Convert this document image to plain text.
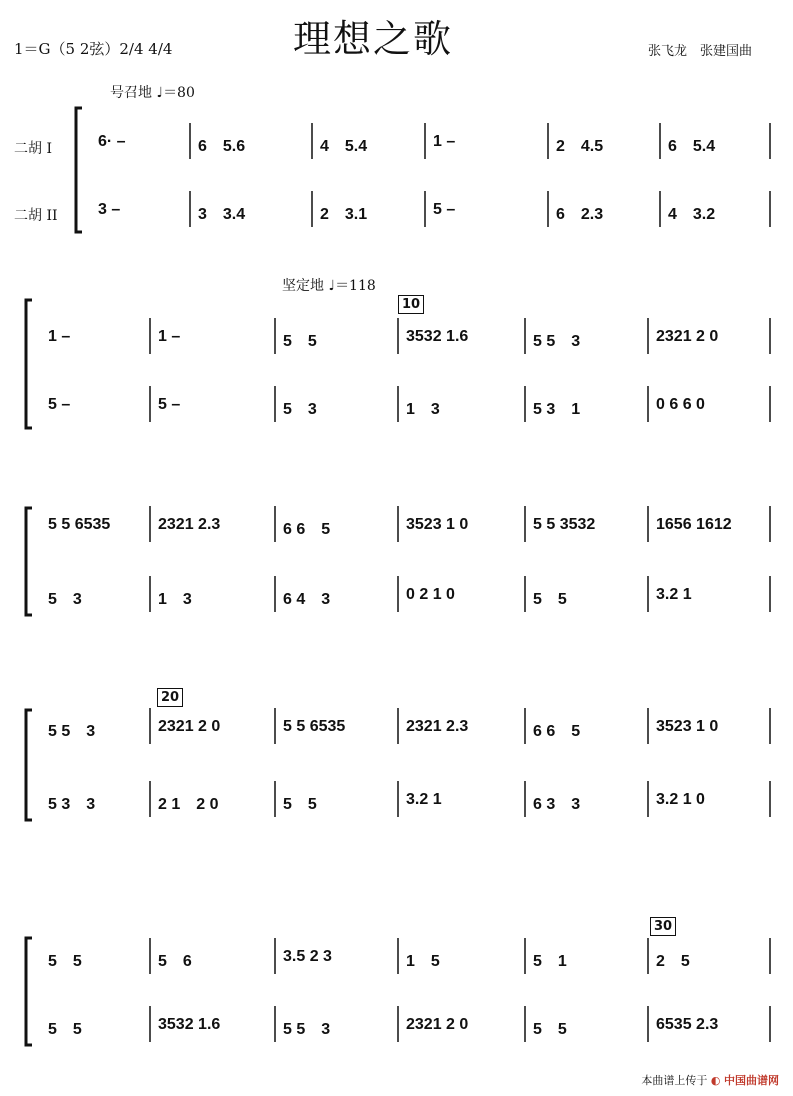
理想之歌
1＝G（5 2弦）2/4 4/4	张飞龙　张建国曲
号召地 ♩＝80
坚定地 ♩＝118
二胡 I
二胡 II
10
20
30
6· –	6　5.6	4　5.4	1 –	2　4.5	6　5.4
3 –	3　3.4	2　3.1	5 –	6　2.3	4　3.2
1 –	1 –	5　5	3532 1.6	5 5　3	2321 2 0
5 –	5 –	5　3	1　3	5 3　1	0 6 6 0
5 5 6535	2321 2.3	6 6　5	3523 1 0	5 5 3532	1656 1612
5　3	1　3	6 4　3	0 2 1 0	5　5	3.2 1
5 5　3	2321 2 0	5 5 6535	2321 2.3	6 6　5	3523 1 0
5 3　3	2 1　2 0	5　5	3.2 1	6 3　3	3.2 1 0
5　5	5　6	3.5 2 3	1　5	5　1	2　5
5　5	3532 1.6	5 5　3	2321 2 0	5　5	6535 2.3
本曲谱上传于 ◐ 中国曲谱网
